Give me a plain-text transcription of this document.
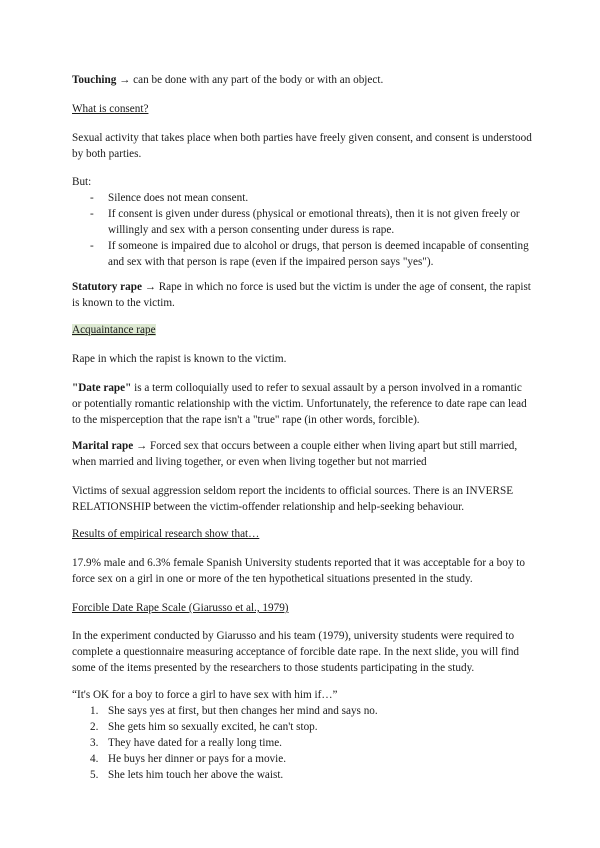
Touching → can be done with any part of the body or with an object.

What is consent?

Sexual activity that takes place when both parties have freely given consent, and consent is understood by both parties.

But:

- Silence does not mean consent.
- If consent is given under duress (physical or emotional threats), then it is not given freely or willingly and sex with a person consenting under duress is rape.
- If someone is impaired due to alcohol or drugs, that person is deemed incapable of consenting and sex with that person is rape (even if the impaired person says "yes").

Statutory rape → Rape in which no force is used but the victim is under the age of consent, the rapist is known to the victim.

Acquaintance rape

Rape in which the rapist is known to the victim.

"Date rape" is a term colloquially used to refer to sexual assault by a person involved in a romantic or potentially romantic relationship with the victim. Unfortunately, the reference to date rape can lead to the misperception that the rape isn't a "true" rape (in other words, forcible).

Marital rape → Forced sex that occurs between a couple either when living apart but still married, when married and living together, or even when living together but not married

Victims of sexual aggression seldom report the incidents to official sources. There is an INVERSE RELATIONSHIP between the victim-offender relationship and help-seeking behaviour.

Results of empirical research show that…

17.9% male and 6.3% female Spanish University students reported that it was acceptable for a boy to force sex on a girl in one or more of the ten hypothetical situations presented in the study.

Forcible Date Rape Scale (Giarusso et al., 1979)

In the experiment conducted by Giarusso and his team (1979), university students were required to complete a questionnaire measuring acceptance of forcible date rape. In the next slide, you will find some of the items presented by the researchers to those students participating in the study.

“It's OK for a boy to force a girl to have sex with him if…”

1. She says yes at first, but then changes her mind and says no.
2. She gets him so sexually excited, he can't stop.
3. They have dated for a really long time.
4. He buys her dinner or pays for a movie.
5. She lets him touch her above the waist.
